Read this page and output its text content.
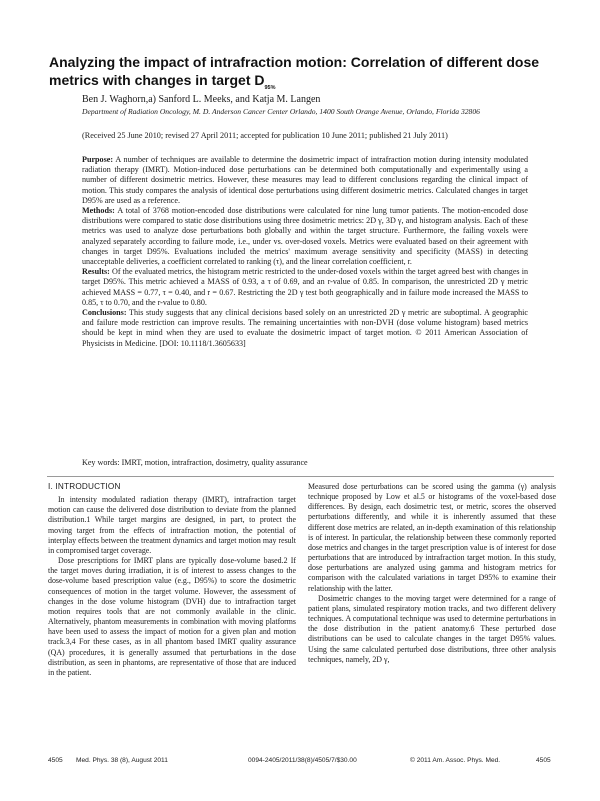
Analyzing the impact of intrafraction motion: Correlation of different dose metrics with changes in target $D_{95\%}$
Ben J. Waghorn,a) Sanford L. Meeks, and Katja M. Langen
Department of Radiation Oncology, M. D. Anderson Cancer Center Orlando, 1400 South Orange Avenue, Orlando, Florida 32806
(Received 25 June 2010; revised 27 April 2011; accepted for publication 10 June 2011; published 21 July 2011)

Purpose: A number of techniques are available to determine the dosimetric impact of intrafraction motion during intensity modulated radiation therapy (IMRT). Motion-induced dose perturbations can be determined both computationally and experimentally using a number of different dosimetric metrics. However, these measures may lead to different conclusions regarding the clinical impact of motion. This study compares the analysis of identical dose perturbations using different dosimetric metrics. Calculated changes in target D95% are used as a reference.

Methods: A total of 3768 motion-encoded dose distributions were calculated for nine lung tumor patients. The motion-encoded dose distributions were compared to static dose distributions using three dosimetric metrics: 2D γ, 3D γ, and histogram analysis. Each of these metrics was used to analyze dose perturbations both globally and within the target structure. Furthermore, the failing voxels were analyzed separately according to failure mode, i.e., under vs. over-dosed voxels. Metrics were evaluated based on their agreement with changes in target D95%. Evaluations included the metrics' maximum average sensitivity and specificity (MASS) in detecting unacceptable deliveries, a coefficient correlated to ranking (τ), and the linear correlation coefficient, r.

Results: Of the evaluated metrics, the histogram metric restricted to the under-dosed voxels within the target agreed best with changes in target D95%. This metric achieved a MASS of 0.93, a τ of 0.69, and an r-value of 0.85. In comparison, the unrestricted 2D γ metric achieved MASS = 0.77, τ = 0.40, and r = 0.67. Restricting the 2D γ test both geographically and in failure mode increased the MASS to 0.85, τ to 0.70, and the r-value to 0.80.

Conclusions: This study suggests that any clinical decisions based solely on an unrestricted 2D γ metric are suboptimal. A geographic and failure mode restriction can improve results. The remaining uncertainties with non-DVH (dose volume histogram) based metrics should be kept in mind when they are used to evaluate the dosimetric impact of target motion. © 2011 American Association of Physicists in Medicine. [DOI: 10.1118/1.3605633]

Key words: IMRT, motion, intrafraction, dosimetry, quality assurance
I. INTRODUCTION

In intensity modulated radiation therapy (IMRT), intrafraction target motion can cause the delivered dose distribution to deviate from the planned distribution.1 While target margins are designed, in part, to protect the moving target from the effects of intrafraction motion, the potential of interplay effects between the treatment dynamics and target motion may result in compromised target coverage.

Dose prescriptions for IMRT plans are typically dose-volume based.2 If the target moves during irradiation, it is of interest to assess changes to the dose-volume based prescription value (e.g., D95%) to score the dosimetric consequences of motion in the target volume. However, the assessment of changes in the dose volume histogram (DVH) due to intrafraction target motion requires tools that are not commonly available in the clinic. Alternatively, phantom measurements in combination with moving platforms have been used to assess the impact of motion for a given plan and motion track.3,4 For these cases, as in all phantom based IMRT quality assurance (QA) procedures, it is generally assumed that perturbations in the dose distribution, as seen in phantoms, are representative of those that are induced in the patient.

Measured dose perturbations can be scored using the gamma (γ) analysis technique proposed by Low et al.5 or histograms of the voxel-based dose differences. By design, each dosimetric test, or metric, scores the observed perturbations differently, and while it is inherently assumed that these different dose metrics are related, an in-depth examination of this relationship is of interest. In particular, the relationship between these commonly reported dose metrics and changes in the target prescription value is of interest for dose perturbations that are introduced by intrafraction target motion. In this study, dose perturbations are analyzed using gamma and histogram metrics for comparison with the calculated variations in target D95% to examine their relationship with the latter.

Dosimetric changes to the moving target were determined for a range of patient plans, simulated respiratory motion tracks, and two different delivery techniques. A computational technique was used to determine perturbations in the dose distribution in the patient anatomy.6 These perturbed dose distributions can be used to calculate changes in the target D95% values. Using the same calculated perturbed dose distributions, three other analysis techniques, namely, 2D γ,

4505 Med. Phys. 38 (8), August 2011	0094-2405/2011/38(8)/4505/7/$30.00	© 2011 Am. Assoc. Phys. Med.	4505
